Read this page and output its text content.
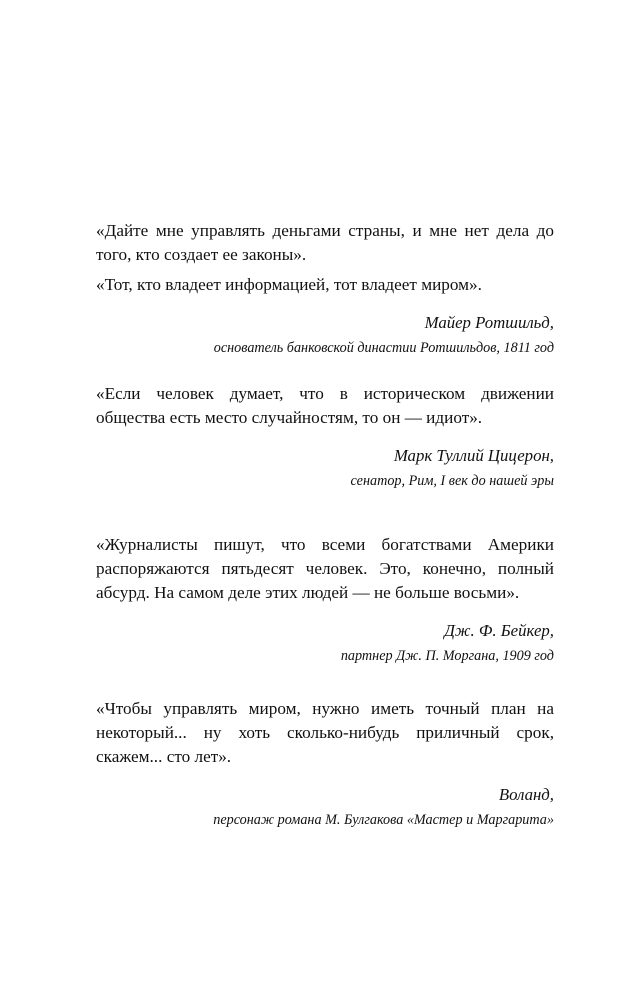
«Дайте мне управлять деньгами страны, и мне нет дела до того, кто создает ее законы».

«Тот, кто владеет информацией, тот владеет миром».

Майер Ротшильд,
основатель банковской династии Ротшильдов, 1811 год

«Если человек думает, что в историческом движении общества есть место случайностям, то он — идиот».

Марк Туллий Цицерон,
сенатор, Рим, I век до нашей эры

«Журналисты пишут, что всеми богатствами Америки распоряжаются пятьдесят человек. Это, конечно, полный абсурд. На самом деле этих людей — не больше восьми».

Дж. Ф. Бейкер,
партнер Дж. П. Моргана, 1909 год

«Чтобы управлять миром, нужно иметь точный план на некоторый... ну хоть сколько-нибудь приличный срок, скажем... сто лет».

Воланд,
персонаж романа М. Булгакова «Мастер и Маргарита»
